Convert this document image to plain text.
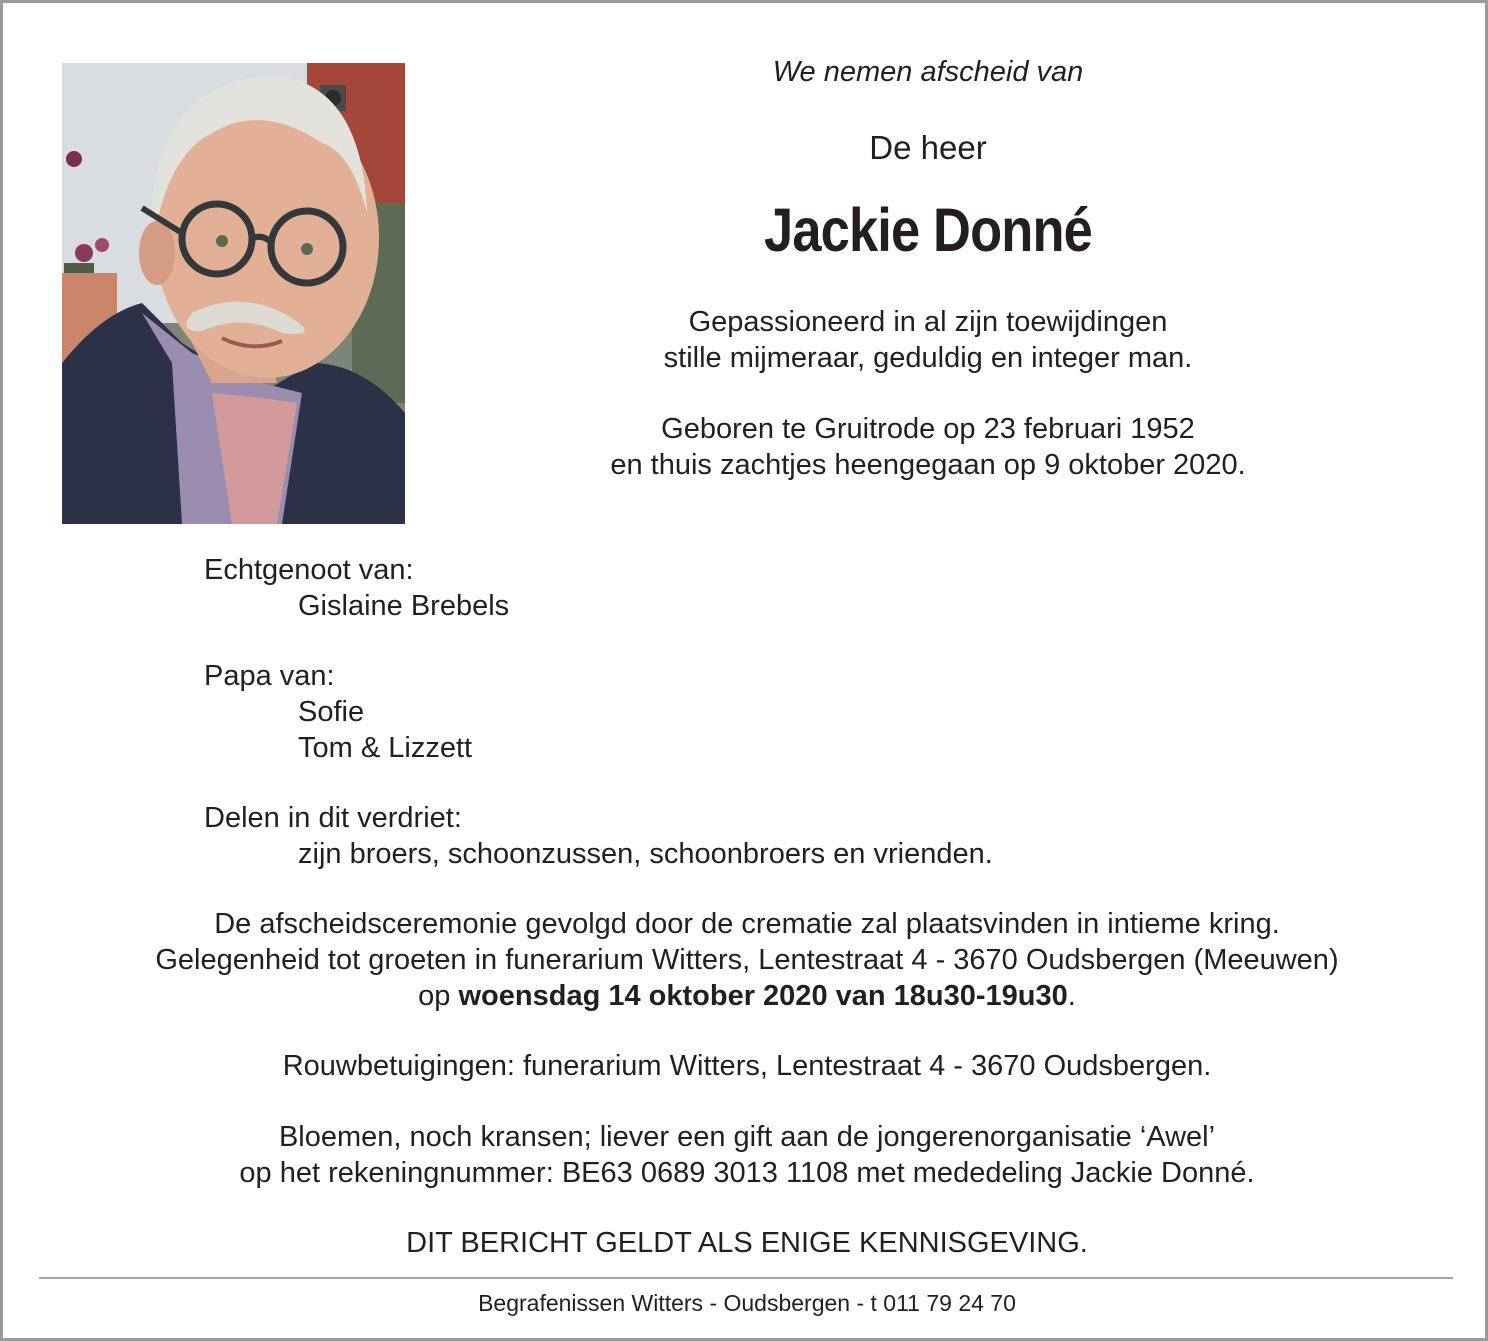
We nemen afscheid van
De heer
Jackie Donné
Gepassioneerd in al zijn toewijdingen
stille mijmeraar, geduldig en integer man.
Geboren te Gruitrode op 23 februari 1952
en thuis zachtjes heengegaan op 9 oktober 2020.
Echtgenoot van:
Gislaine Brebels
Papa van:
Sofie
Tom & Lizzett
Delen in dit verdriet:
zijn broers, schoonzussen, schoonbroers en vrienden.
De afscheidsceremonie gevolgd door de crematie zal plaatsvinden in intieme kring.
Gelegenheid tot groeten in funerarium Witters, Lentestraat 4 - 3670 Oudsbergen (Meeuwen)
op woensdag 14 oktober 2020 van 18u30-19u30.
Rouwbetuigingen: funerarium Witters, Lentestraat 4 - 3670 Oudsbergen.
Bloemen, noch kransen; liever een gift aan de jongerenorganisatie ‘Awel’
op het rekeningnummer: BE63 0689 3013 1108 met mededeling Jackie Donné.
DIT BERICHT GELDT ALS ENIGE KENNISGEVING.
Begrafenissen Witters - Oudsbergen - t 011 79 24 70
